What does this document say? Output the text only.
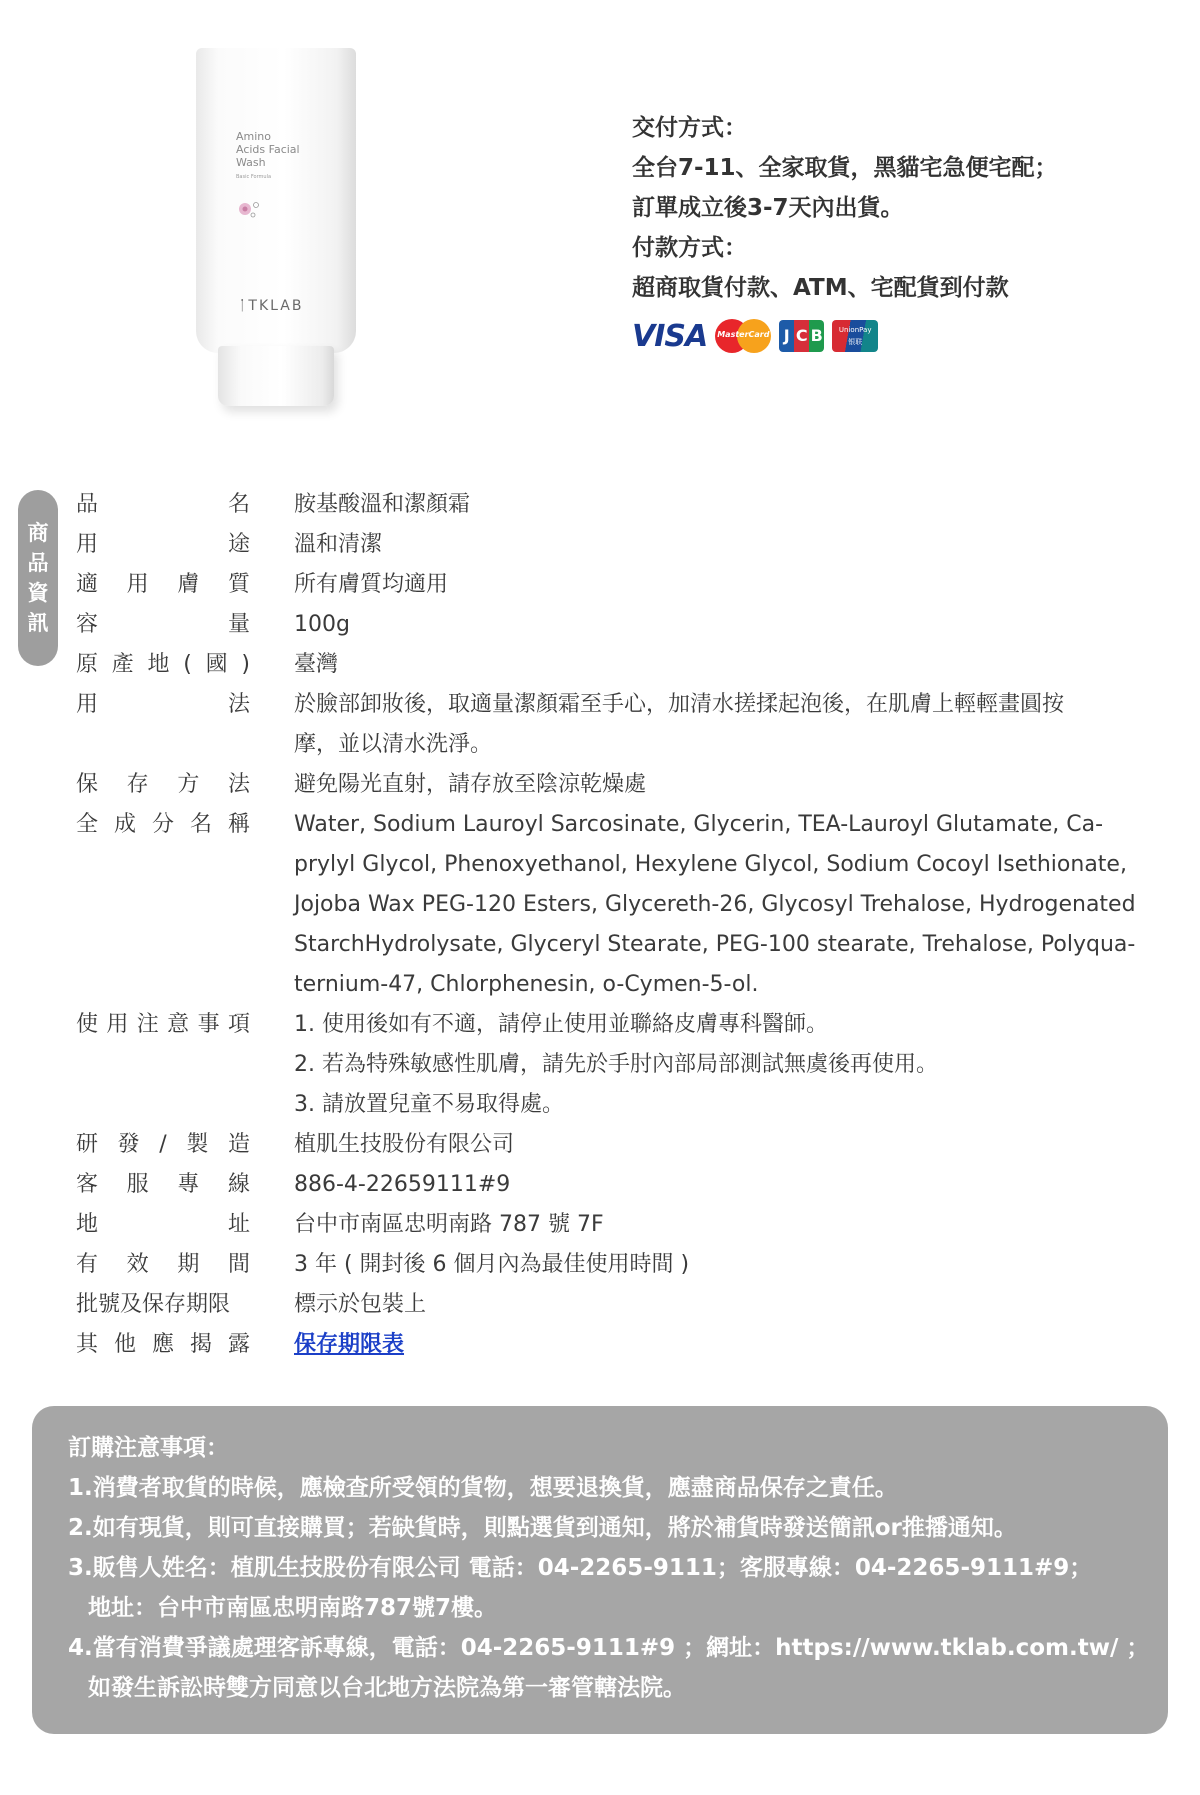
Amino
Acids Facial
Wash
Basic Formula
ᛙTKLAB
交付方式：
全台7-11、全家取貨，黑貓宅急便宅配；
訂單成立後3-7天內出貨。
付款方式：
超商取貨付款、ATM、宅配貨到付款
VISA MasterCard J C B	UnionPay
银联
商
品
資
訊
品	名 胺基酸溫和潔顏霜
用	途 溫和清潔
適 用 膚 質 所有膚質均適用
容	量 100g
原 產 地 ( 國 ) 臺灣
用	法 於臉部卸妝後，取適量潔顏霜至手心，加清水搓揉起泡後，在肌膚上輕輕畫圓按
摩，並以清水洗淨。
保 存 方 法 避免陽光直射，請存放至陰涼乾燥處
全 成 分 名 稱 Water, Sodium Lauroyl Sarcosinate, Glycerin, TEA-Lauroyl Glutamate, Ca-
prylyl Glycol, Phenoxyethanol, Hexylene Glycol, Sodium Cocoyl Isethionate,
Jojoba Wax PEG-120 Esters, Glycereth-26, Glycosyl Trehalose, Hydrogenated
StarchHydrolysate, Glyceryl Stearate, PEG-100 stearate, Trehalose, Polyqua-
ternium-47, Chlorphenesin, o-Cymen-5-ol.
使 用 注 意 事 項 1. 使用後如有不適，請停止使用並聯絡皮膚專科醫師。
2. 若為特殊敏感性肌膚，請先於手肘內部局部測試無虞後再使用。
3. 請放置兒童不易取得處。
研 發 / 製 造 植肌生技股份有限公司
客 服 專 線 886-4-22659111#9
地	址 台中市南區忠明南路 787 號 7F
有 效 期 間 3 年 ( 開封後 6 個月內為最佳使用時間 )
批號及保存期限	標示於包裝上
其 他 應 揭 露 保存期限表
訂購注意事項：
1.消費者取貨的時候，應檢查所受領的貨物，想要退換貨，應盡商品保存之責任。
2.如有現貨，則可直接購買；若缺貨時，則點選貨到通知，將於補貨時發送簡訊or推播通知。
3.販售人姓名：植肌生技股份有限公司 電話：04-2265-9111；客服專線：04-2265-9111#9；
地址：台中市南區忠明南路787號7樓。
4.當有消費爭議處理客訴專線，電話：04-2265-9111#9 ；網址：https://www.tklab.com.tw/ ；
如發生訴訟時雙方同意以台北地方法院為第一審管轄法院。
